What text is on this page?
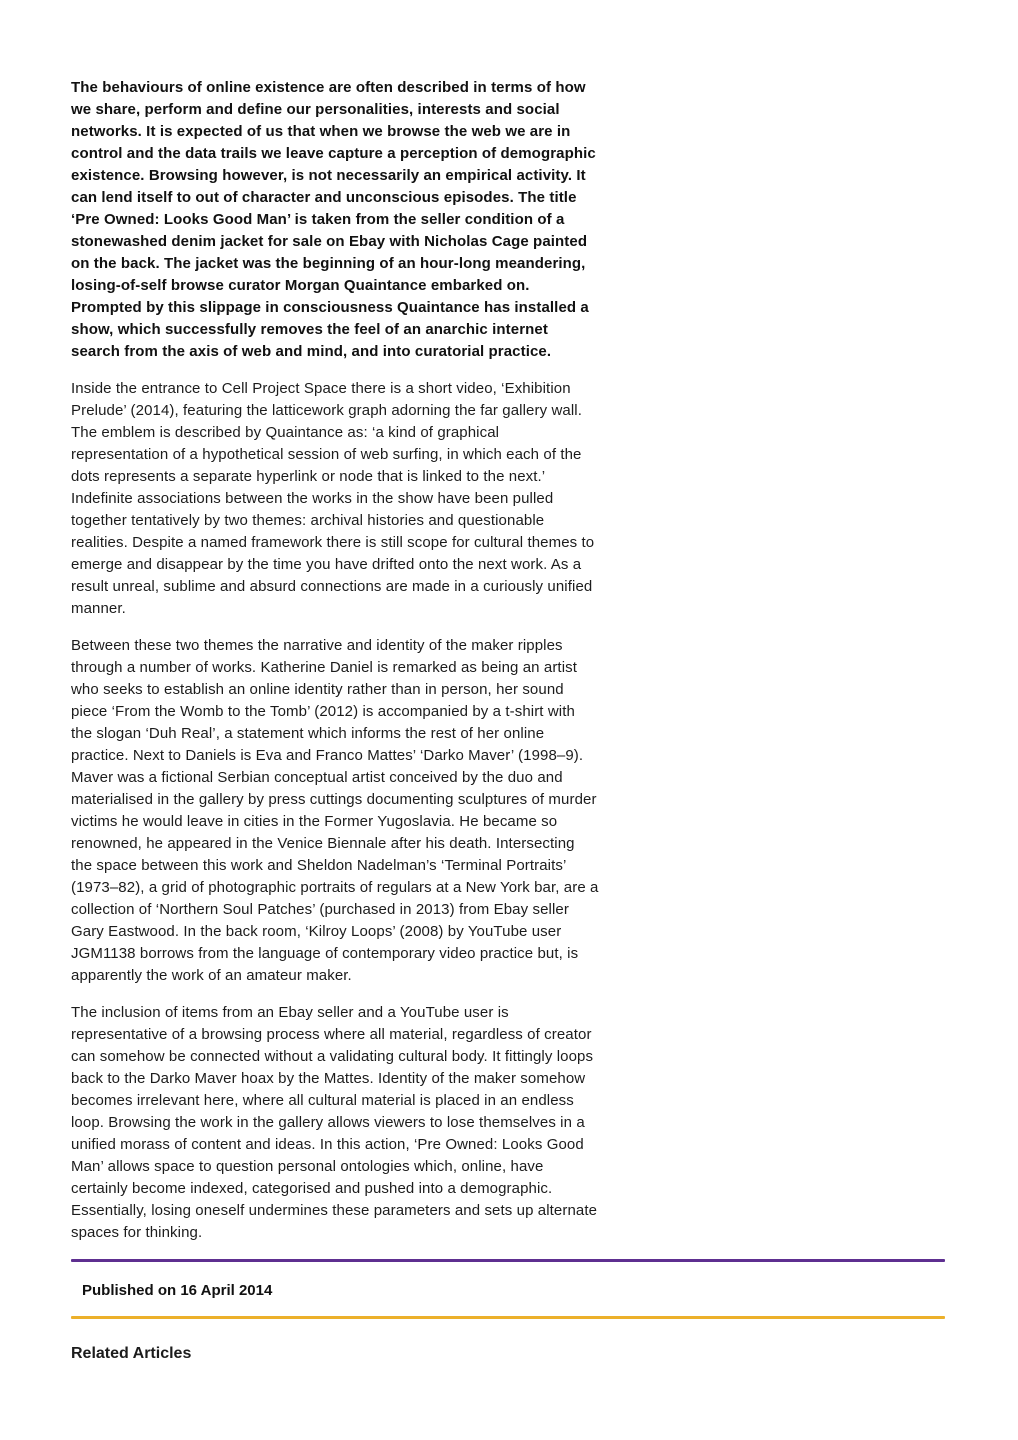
The behaviours of online existence are often described in terms of how we share, perform and define our personalities, interests and social networks. It is expected of us that when we browse the web we are in control and the data trails we leave capture a perception of demographic existence. Browsing however, is not necessarily an empirical activity. It can lend itself to out of character and unconscious episodes. The title ‘Pre Owned: Looks Good Man’ is taken from the seller condition of a stonewashed denim jacket for sale on Ebay with Nicholas Cage painted on the back. The jacket was the beginning of an hour-long meandering, losing-of-self browse curator Morgan Quaintance embarked on. Prompted by this slippage in consciousness Quaintance has installed a show, which successfully removes the feel of an anarchic internet search from the axis of web and mind, and into curatorial practice.

Inside the entrance to Cell Project Space there is a short video, ‘Exhibition Prelude’ (2014), featuring the latticework graph adorning the far gallery wall. The emblem is described by Quaintance as: ‘a kind of graphical representation of a hypothetical session of web surfing, in which each of the dots represents a separate hyperlink or node that is linked to the next.’ Indefinite associations between the works in the show have been pulled together tentatively by two themes: archival histories and questionable realities. Despite a named framework there is still scope for cultural themes to emerge and disappear by the time you have drifted onto the next work. As a result unreal, sublime and absurd connections are made in a curiously unified manner.

Between these two themes the narrative and identity of the maker ripples through a number of works. Katherine Daniel is remarked as being an artist who seeks to establish an online identity rather than in person, her sound piece ‘From the Womb to the Tomb’ (2012) is accompanied by a t-shirt with the slogan ‘Duh Real’, a statement which informs the rest of her online practice. Next to Daniels is Eva and Franco Mattes’ ‘Darko Maver’ (1998–9). Maver was a fictional Serbian conceptual artist conceived by the duo and materialised in the gallery by press cuttings documenting sculptures of murder victims he would leave in cities in the Former Yugoslavia. He became so renowned, he appeared in the Venice Biennale after his death. Intersecting the space between this work and Sheldon Nadelman’s ‘Terminal Portraits’ (1973–82), a grid of photographic portraits of regulars at a New York bar, are a collection of ‘Northern Soul Patches’ (purchased in 2013) from Ebay seller Gary Eastwood. In the back room, ‘Kilroy Loops’ (2008) by YouTube user JGM1138 borrows from the language of contemporary video practice but, is apparently the work of an amateur maker.

The inclusion of items from an Ebay seller and a YouTube user is representative of a browsing process where all material, regardless of creator can somehow be connected without a validating cultural body. It fittingly loops back to the Darko Maver hoax by the Mattes. Identity of the maker somehow becomes irrelevant here, where all cultural material is placed in an endless loop. Browsing the work in the gallery allows viewers to lose themselves in a unified morass of content and ideas. In this action, ‘Pre Owned: Looks Good Man’ allows space to question personal ontologies which, online, have certainly become indexed, categorised and pushed into a demographic. Essentially, losing oneself undermines these parameters and sets up alternate spaces for thinking.

Published on 16 April 2014

Related Articles
